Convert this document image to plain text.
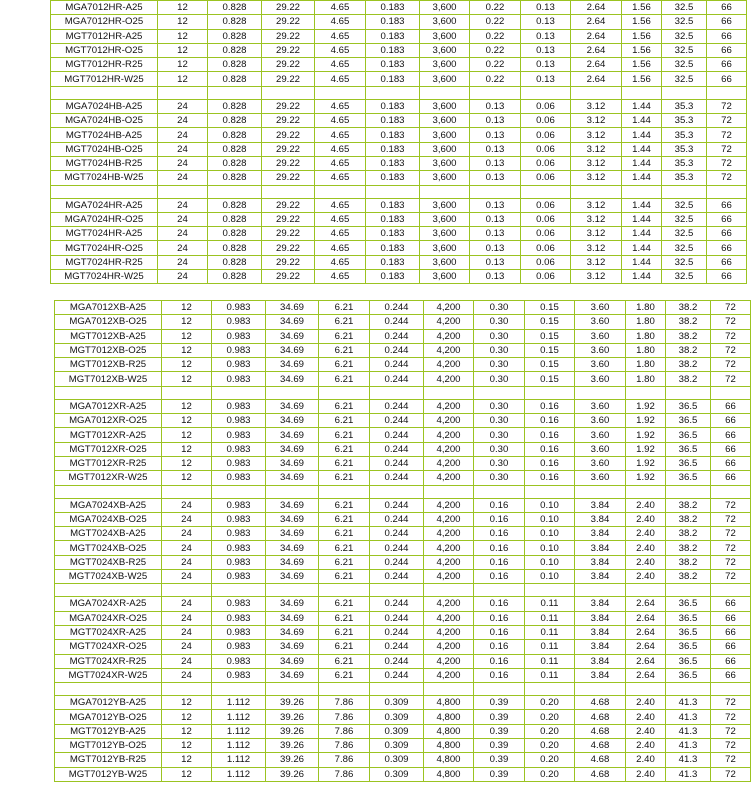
MGA7012HR-A25	12	0.828	29.22	4.65	0.183	3,600	0.22	0.13	2.64	1.56	32.5	66
MGA7012HR-O25	12	0.828	29.22	4.65	0.183	3,600	0.22	0.13	2.64	1.56	32.5	66
MGT7012HR-A25	12	0.828	29.22	4.65	0.183	3,600	0.22	0.13	2.64	1.56	32.5	66
MGT7012HR-O25	12	0.828	29.22	4.65	0.183	3,600	0.22	0.13	2.64	1.56	32.5	66
MGT7012HR-R25	12	0.828	29.22	4.65	0.183	3,600	0.22	0.13	2.64	1.56	32.5	66
MGT7012HR-W25	12	0.828	29.22	4.65	0.183	3,600	0.22	0.13	2.64	1.56	32.5	66

MGA7024HB-A25	24	0.828	29.22	4.65	0.183	3,600	0.13	0.06	3.12	1.44	35.3	72
MGA7024HB-O25	24	0.828	29.22	4.65	0.183	3,600	0.13	0.06	3.12	1.44	35.3	72
MGT7024HB-A25	24	0.828	29.22	4.65	0.183	3,600	0.13	0.06	3.12	1.44	35.3	72
MGT7024HB-O25	24	0.828	29.22	4.65	0.183	3,600	0.13	0.06	3.12	1.44	35.3	72
MGT7024HB-R25	24	0.828	29.22	4.65	0.183	3,600	0.13	0.06	3.12	1.44	35.3	72
MGT7024HB-W25	24	0.828	29.22	4.65	0.183	3,600	0.13	0.06	3.12	1.44	35.3	72

MGA7024HR-A25	24	0.828	29.22	4.65	0.183	3,600	0.13	0.06	3.12	1.44	32.5	66
MGA7024HR-O25	24	0.828	29.22	4.65	0.183	3,600	0.13	0.06	3.12	1.44	32.5	66
MGT7024HR-A25	24	0.828	29.22	4.65	0.183	3,600	0.13	0.06	3.12	1.44	32.5	66
MGT7024HR-O25	24	0.828	29.22	4.65	0.183	3,600	0.13	0.06	3.12	1.44	32.5	66
MGT7024HR-R25	24	0.828	29.22	4.65	0.183	3,600	0.13	0.06	3.12	1.44	32.5	66
MGT7024HR-W25	24	0.828	29.22	4.65	0.183	3,600	0.13	0.06	3.12	1.44	32.5	66
MGA7012XB-A25	12	0.983	34.69	6.21	0.244	4,200	0.30	0.15	3.60	1.80	38.2	72
MGA7012XB-O25	12	0.983	34.69	6.21	0.244	4,200	0.30	0.15	3.60	1.80	38.2	72
MGT7012XB-A25	12	0.983	34.69	6.21	0.244	4,200	0.30	0.15	3.60	1.80	38.2	72
MGT7012XB-O25	12	0.983	34.69	6.21	0.244	4,200	0.30	0.15	3.60	1.80	38.2	72
MGT7012XB-R25	12	0.983	34.69	6.21	0.244	4,200	0.30	0.15	3.60	1.80	38.2	72
MGT7012XB-W25	12	0.983	34.69	6.21	0.244	4,200	0.30	0.15	3.60	1.80	38.2	72

MGA7012XR-A25	12	0.983	34.69	6.21	0.244	4,200	0.30	0.16	3.60	1.92	36.5	66
MGA7012XR-O25	12	0.983	34.69	6.21	0.244	4,200	0.30	0.16	3.60	1.92	36.5	66
MGT7012XR-A25	12	0.983	34.69	6.21	0.244	4,200	0.30	0.16	3.60	1.92	36.5	66
MGT7012XR-O25	12	0.983	34.69	6.21	0.244	4,200	0.30	0.16	3.60	1.92	36.5	66
MGT7012XR-R25	12	0.983	34.69	6.21	0.244	4,200	0.30	0.16	3.60	1.92	36.5	66
MGT7012XR-W25	12	0.983	34.69	6.21	0.244	4,200	0.30	0.16	3.60	1.92	36.5	66

MGA7024XB-A25	24	0.983	34.69	6.21	0.244	4,200	0.16	0.10	3.84	2.40	38.2	72
MGA7024XB-O25	24	0.983	34.69	6.21	0.244	4,200	0.16	0.10	3.84	2.40	38.2	72
MGT7024XB-A25	24	0.983	34.69	6.21	0.244	4,200	0.16	0.10	3.84	2.40	38.2	72
MGT7024XB-O25	24	0.983	34.69	6.21	0.244	4,200	0.16	0.10	3.84	2.40	38.2	72
MGT7024XB-R25	24	0.983	34.69	6.21	0.244	4,200	0.16	0.10	3.84	2.40	38.2	72
MGT7024XB-W25	24	0.983	34.69	6.21	0.244	4,200	0.16	0.10	3.84	2.40	38.2	72

MGA7024XR-A25	24	0.983	34.69	6.21	0.244	4,200	0.16	0.11	3.84	2.64	36.5	66
MGA7024XR-O25	24	0.983	34.69	6.21	0.244	4,200	0.16	0.11	3.84	2.64	36.5	66
MGT7024XR-A25	24	0.983	34.69	6.21	0.244	4,200	0.16	0.11	3.84	2.64	36.5	66
MGT7024XR-O25	24	0.983	34.69	6.21	0.244	4,200	0.16	0.11	3.84	2.64	36.5	66
MGT7024XR-R25	24	0.983	34.69	6.21	0.244	4,200	0.16	0.11	3.84	2.64	36.5	66
MGT7024XR-W25	24	0.983	34.69	6.21	0.244	4,200	0.16	0.11	3.84	2.64	36.5	66

MGA7012YB-A25	12	1.112	39.26	7.86	0.309	4,800	0.39	0.20	4.68	2.40	41.3	72
MGA7012YB-O25	12	1.112	39.26	7.86	0.309	4,800	0.39	0.20	4.68	2.40	41.3	72
MGT7012YB-A25	12	1.112	39.26	7.86	0.309	4,800	0.39	0.20	4.68	2.40	41.3	72
MGT7012YB-O25	12	1.112	39.26	7.86	0.309	4,800	0.39	0.20	4.68	2.40	41.3	72
MGT7012YB-R25	12	1.112	39.26	7.86	0.309	4,800	0.39	0.20	4.68	2.40	41.3	72
MGT7012YB-W25	12	1.112	39.26	7.86	0.309	4,800	0.39	0.20	4.68	2.40	41.3	72
